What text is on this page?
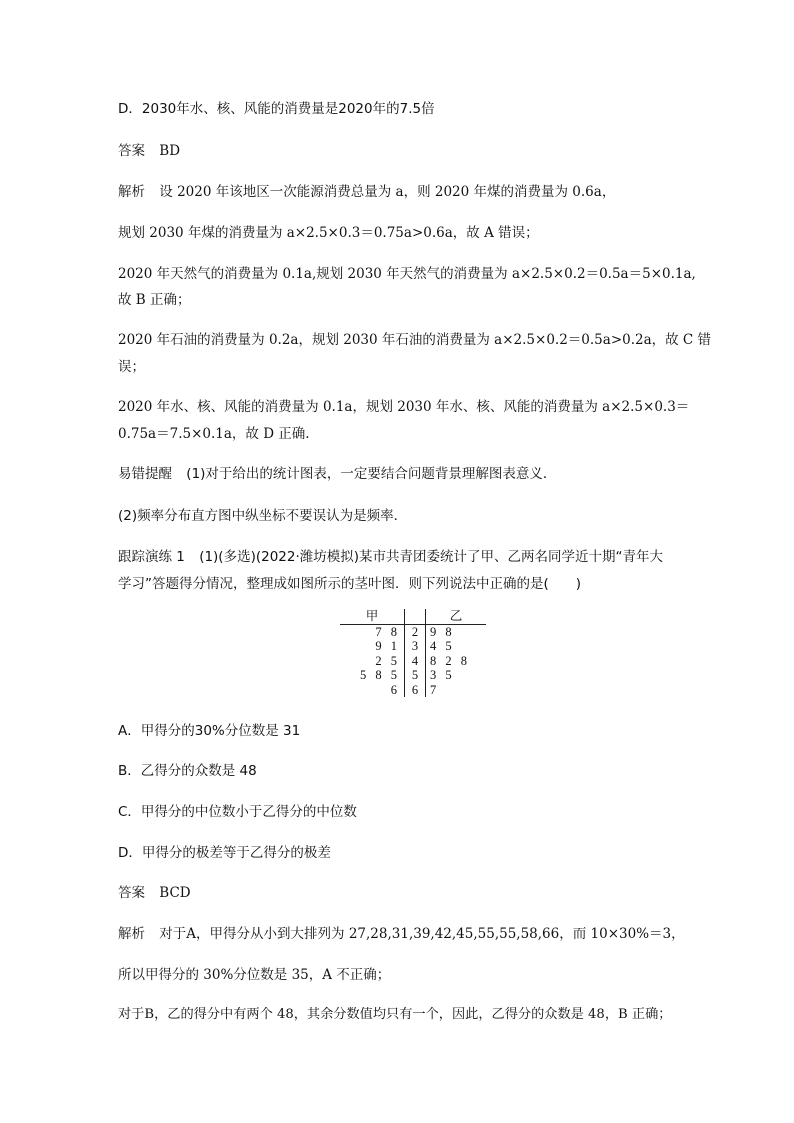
D．2030年水、核、风能的消费量是2020年的7.5倍
答案 BD
解析 设 2020 年该地区一次能源消费总量为 a，则 2020 年煤的消费量为 0.6a，
规划 2030 年煤的消费量为 a×2.5×0.3＝0.75a>0.6a，故 A 错误；
2020 年天然气的消费量为 0.1a,规划 2030 年天然气的消费量为 a×2.5×0.2＝0.5a＝5×0.1a,
故 B 正确；
2020 年石油的消费量为 0.2a，规划 2030 年石油的消费量为 a×2.5×0.2＝0.5a>0.2a，故 C 错
误；
2020 年水、核、风能的消费量为 0.1a，规划 2030 年水、核、风能的消费量为 a×2.5×0.3＝
0.75a＝7.5×0.1a，故 D 正确.
易错提醒 (1)对于给出的统计图表，一定要结合问题背景理解图表意义．
(2)频率分布直方图中纵坐标不要误认为是频率．
跟踪演练 1 (1)(多选)(2022·潍坊模拟)某市共青团委统计了甲、乙两名同学近十期“青年大
学习”答题得分情况，整理成如图所示的茎叶图．则下列说法中正确的是(　　)
甲		乙
7 8	2	9 8
9 1	3	4 5
2 5	4	8 2 8
5 8 5	5	3 5
6	6	7
A．甲得分的30%分位数是 31
B．乙得分的众数是 48
C．甲得分的中位数小于乙得分的中位数
D．甲得分的极差等于乙得分的极差
答案 BCD
解析 对于A，甲得分从小到大排列为 27,28,31,39,42,45,55,55,58,66，而 10×30%＝3，
所以甲得分的 30%分位数是 35，A 不正确；
对于B，乙的得分中有两个 48，其余分数值均只有一个，因此，乙得分的众数是 48，B 正确；
